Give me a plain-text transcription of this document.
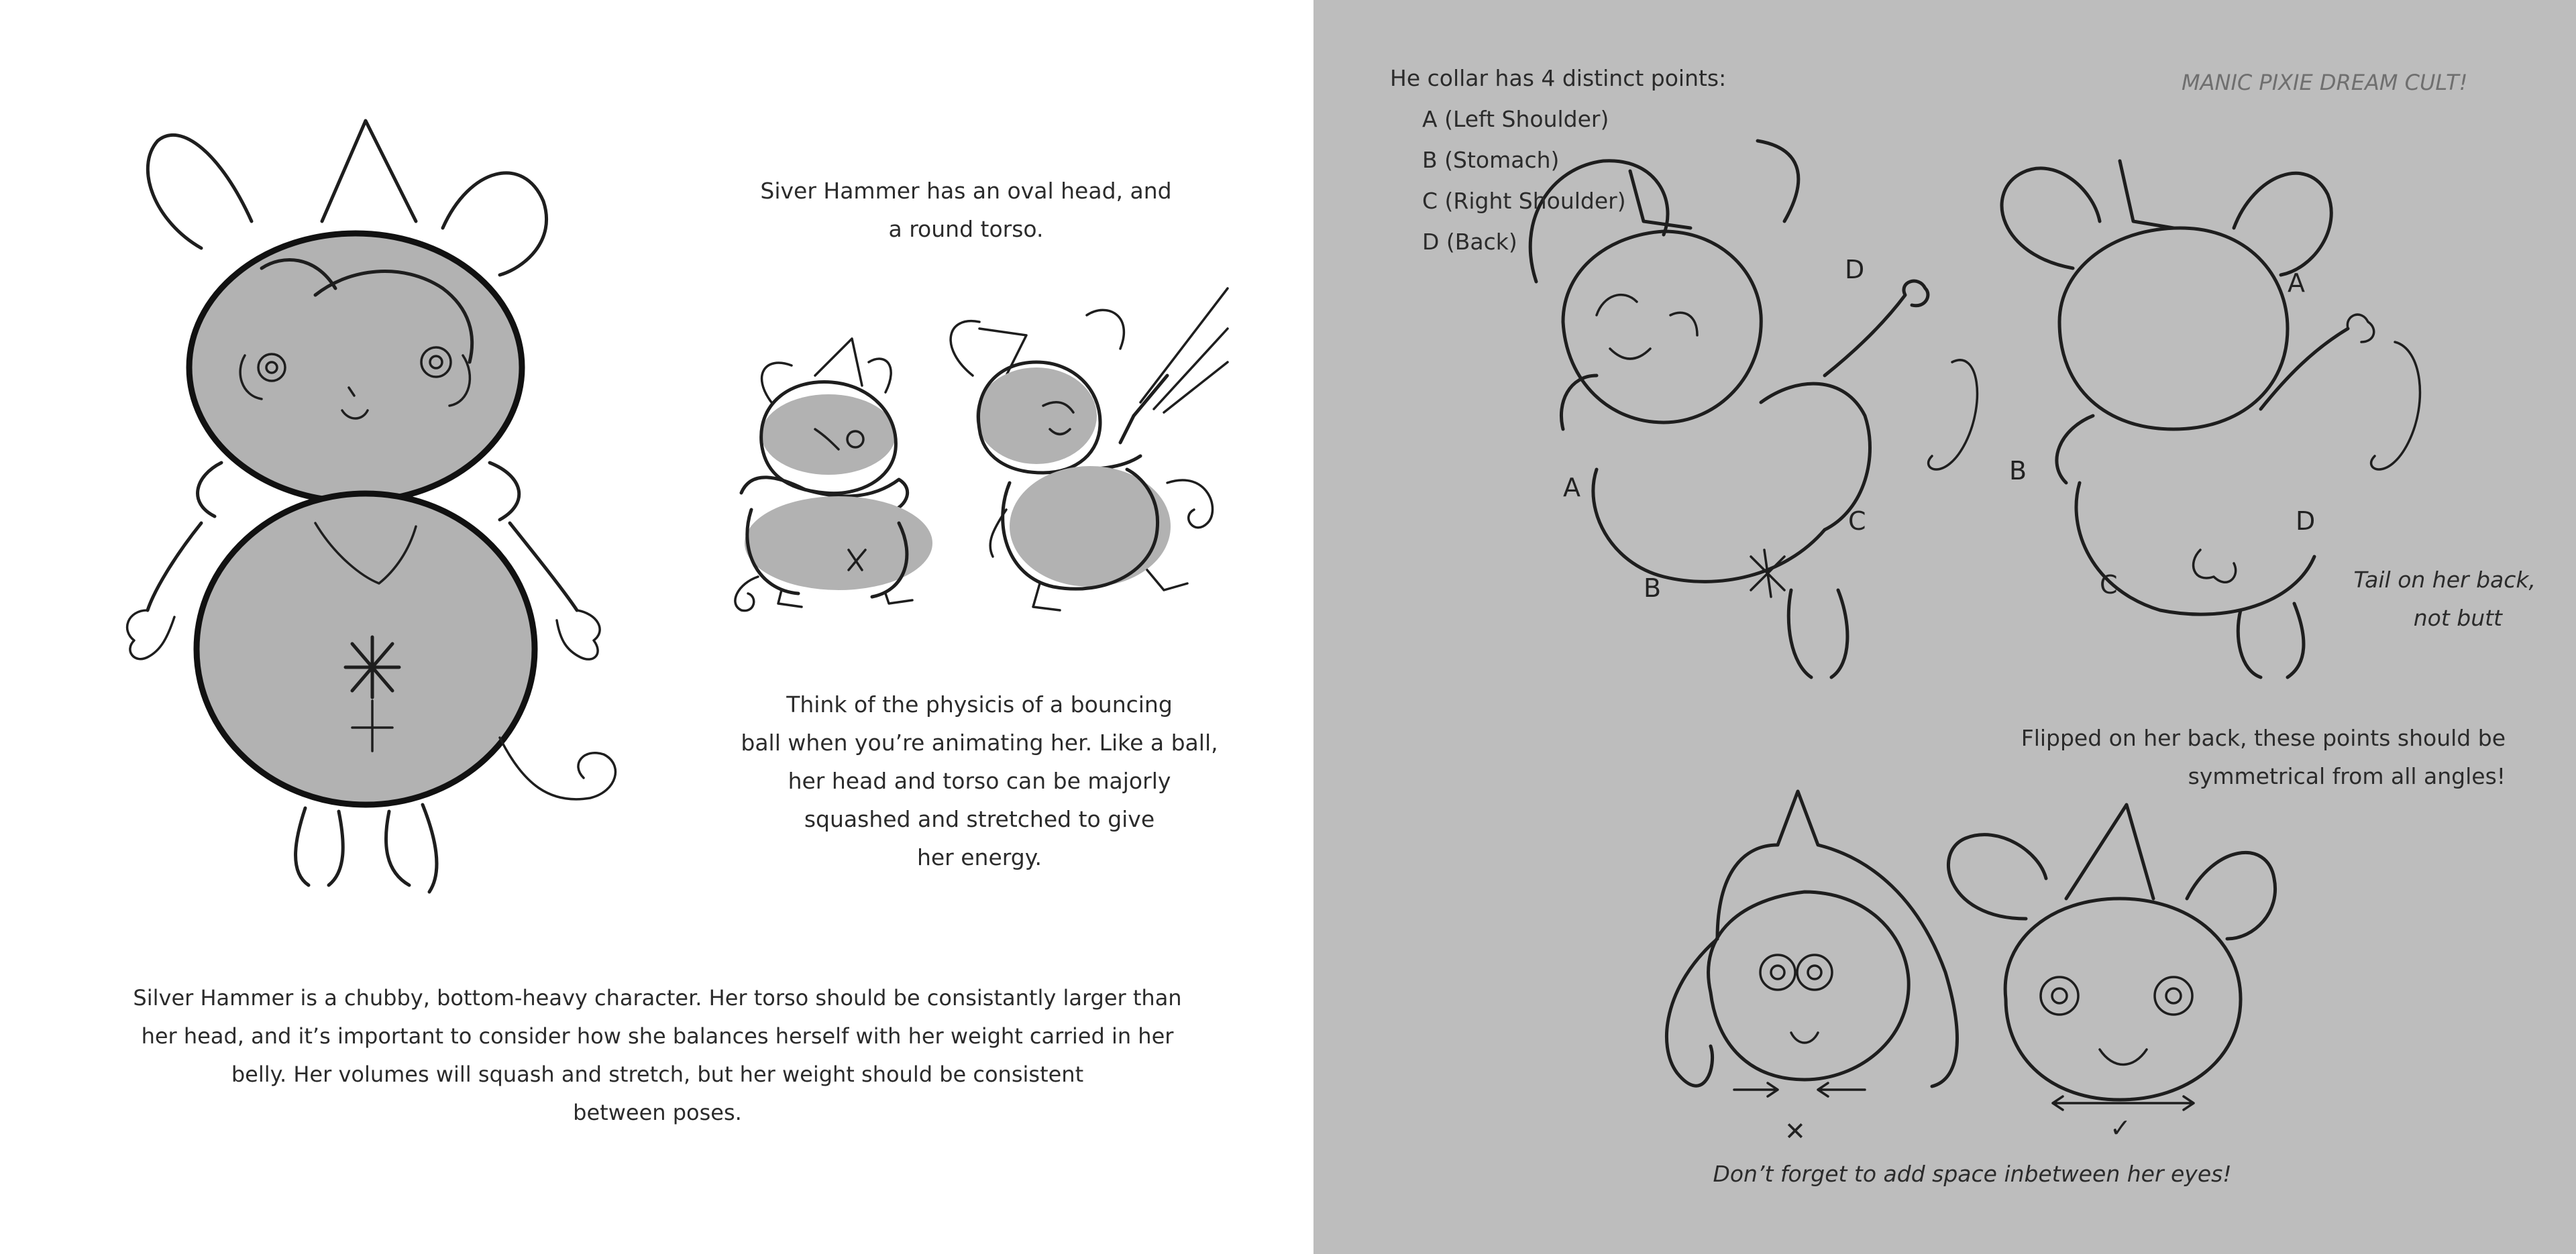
A
B
C
D	A
B
C
D
✕	✓
Siver Hammer has an oval head, and
a round torso.
Think of the physicis of a bouncing
ball when you’re animating her. Like a ball,
her head and torso can be majorly
squashed and stretched to give
her energy.
Silver Hammer is a chubby, bottom-heavy character. Her torso should be consistantly larger than
her head, and it’s important to consider how she balances herself with her weight carried in her
belly. Her volumes will squash and stretch, but her weight should be consistent
between poses.
MANIC PIXIE DREAM CULT!
He collar has 4 distinct points:
A (Left Shoulder)
B (Stomach)
C (Right Shoulder)
D (Back)
Tail on her back,
not butt
Flipped on her back, these points should be
symmetrical from all angles!
Don’t forget to add space inbetween her eyes!
